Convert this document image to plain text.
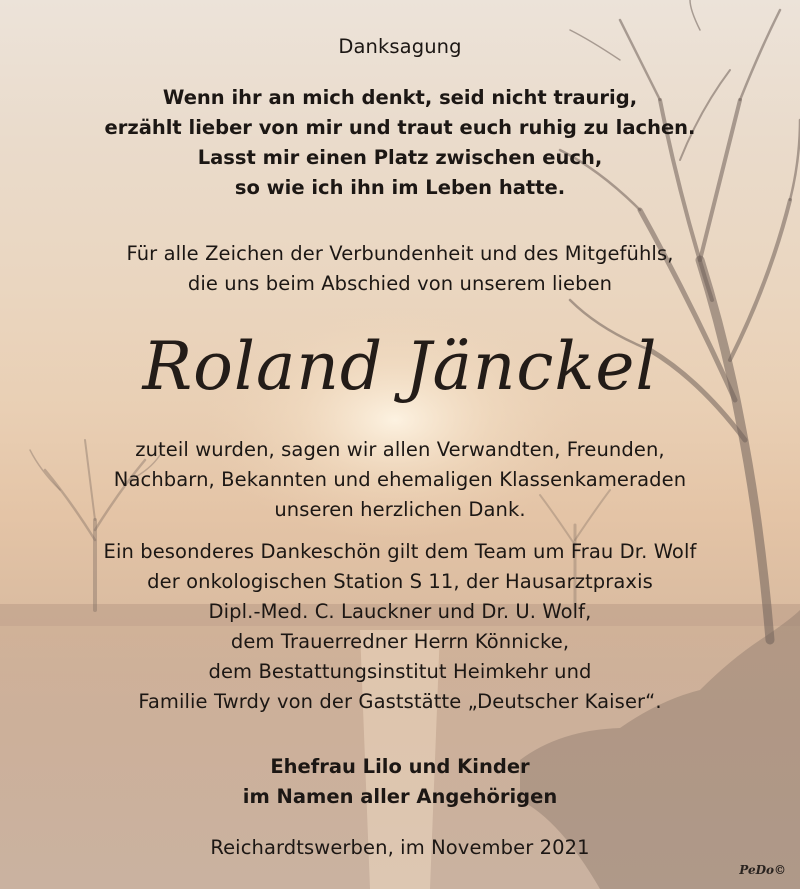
Danksagung

Wenn ihr an mich denkt, seid nicht traurig,

erzählt lieber von mir und traut euch ruhig zu lachen.

Lasst mir einen Platz zwischen euch,

so wie ich ihn im Leben hatte.

Für alle Zeichen der Verbundenheit und des Mitgefühls,

die uns beim Abschied von unserem lieben

Roland Jänckel

zuteil wurden, sagen wir allen Verwandten, Freunden,

Nachbarn, Bekannten und ehemaligen Klassenkameraden

unseren herzlichen Dank.

Ein besonderes Dankeschön gilt dem Team um Frau Dr. Wolf

der onkologischen Station S 11, der Hausarztpraxis

Dipl.-Med. C. Lauckner und Dr. U. Wolf,

dem Trauerredner Herrn Könnicke,

dem Bestattungsinstitut Heimkehr und

Familie Twrdy von der Gaststätte „Deutscher Kaiser“.

Ehefrau Lilo und Kinder

im Namen aller Angehörigen

Reichardtswerben, im November 2021

PeDo©
